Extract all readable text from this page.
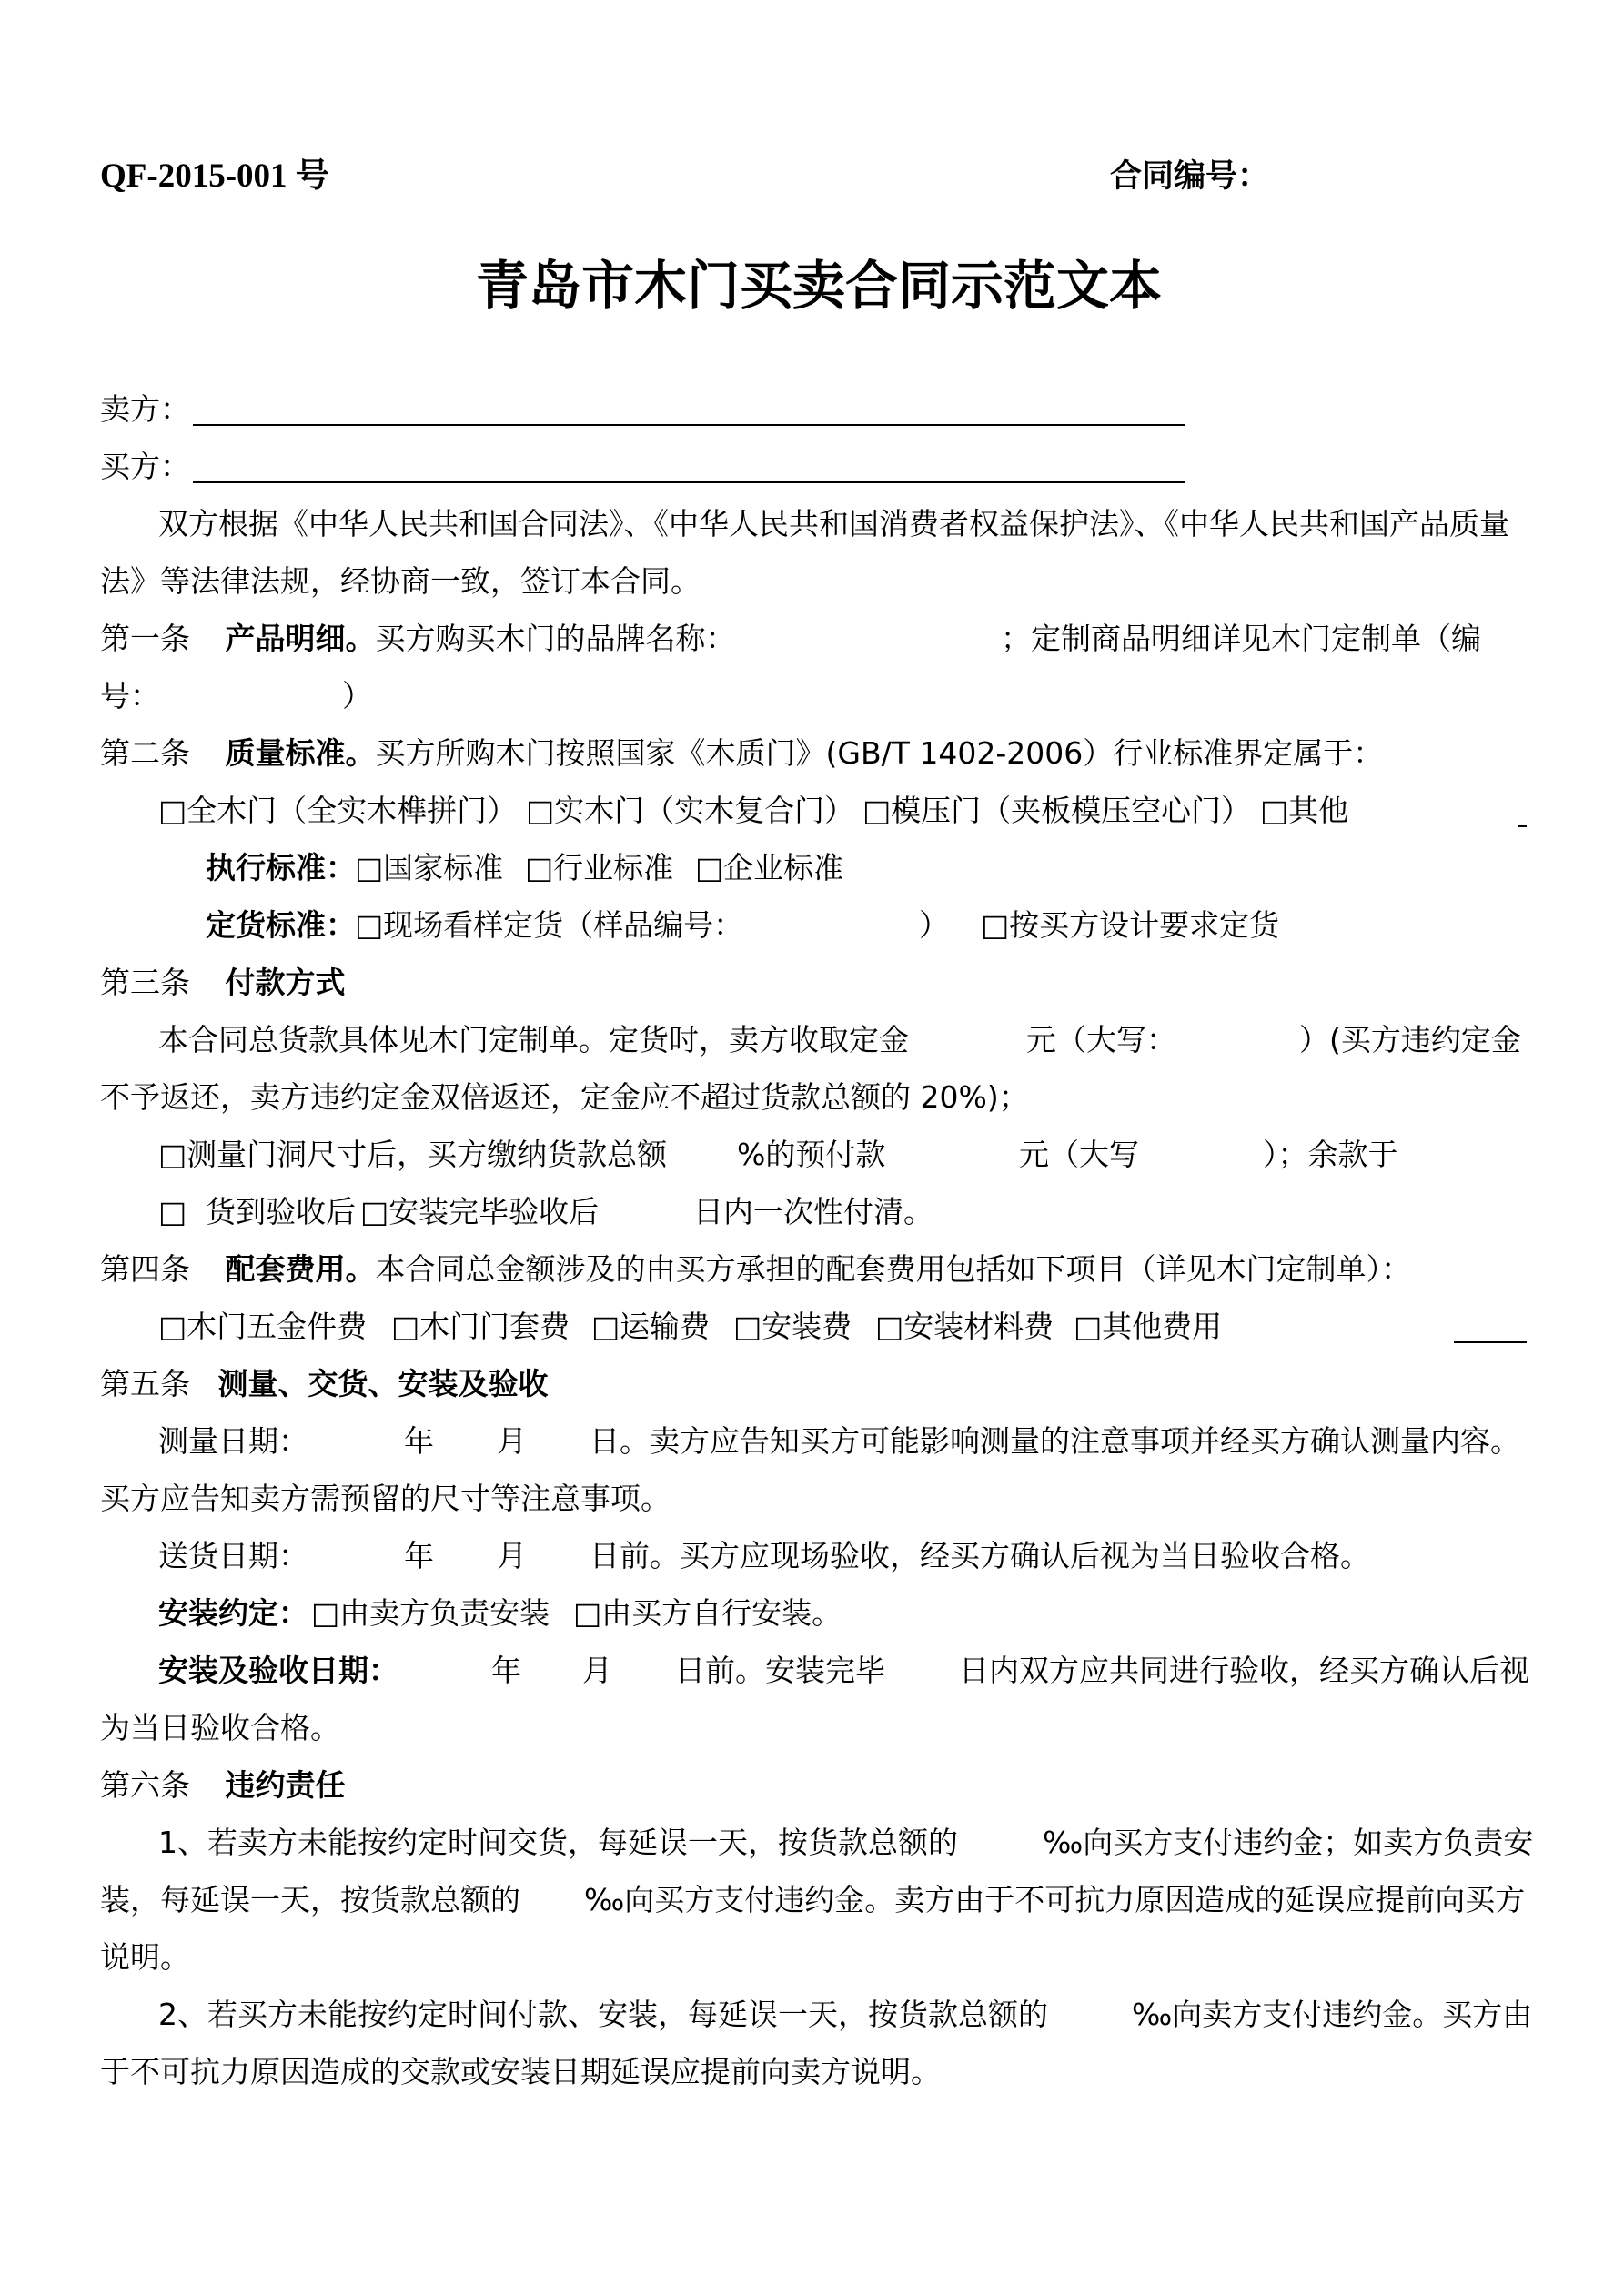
QF-2015-001 号	合同编号：
青岛市木门买卖合同示范文本
卖方：
买方：
双方根据《中华人民共和国合同法》、《中华人民共和国消费者权益保护法》、《中华人民共和国产品质量
法》等法律法规，经协商一致，签订本合同。
第一条 产品明细。买方购买木门的品牌名称：	；定制商品明细详见木门定制单（编
号：	）
第二条 质量标准。买方所购木门按照国家《木质门》(GB/T 1402-2006）行业标准界定属于：
□全木门（全实木榫拼门） □实木门（实木复合门） □模压门（夹板模压空心门） □其他
执行标准： □国家标准 □行业标准 □企业标准
定货标准： □现场看样定货（样品编号：	） □按买方设计要求定货
第三条 付款方式
本合同总货款具体见木门定制单。定货时，卖方收取定金	元（大写：	）(买方违约定金
不予返还，卖方违约定金双倍返还，定金应不超过货款总额的 20%)；
□测量门洞尺寸后，买方缴纳货款总额 %的预付款	元（大写	）；余款于
□  货到验收后 □安装完毕验收后	日内一次性付清。
第四条 配套费用。本合同总金额涉及的由买方承担的配套费用包括如下项目（详见木门定制单）：
□木门五金件费 □木门门套费 □运输费 □安装费 □安装材料费 □其他费用
第五条 测量、交货、安装及验收
测量日期：	年 月 日。卖方应告知买方可能影响测量的注意事项并经买方确认测量内容。
买方应告知卖方需预留的尺寸等注意事项。
送货日期：	年 月 日前。买方应现场验收，经买方确认后视为当日验收合格。
安装约定： □由卖方负责安装 □由买方自行安装。
安装及验收日期：	年 月 日前。安装完毕 日内双方应共同进行验收，经买方确认后视
为当日验收合格。
第六条 违约责任
1、若卖方未能按约定时间交货，每延误一天，按货款总额的	‰向买方支付违约金；如卖方负责安
装，每延误一天，按货款总额的 ‰向买方支付违约金。卖方由于不可抗力原因造成的延误应提前向买方
说明。
2、若买方未能按约定时间付款、安装，每延误一天，按货款总额的	‰向卖方支付违约金。买方由
于不可抗力原因造成的交款或安装日期延误应提前向卖方说明。
